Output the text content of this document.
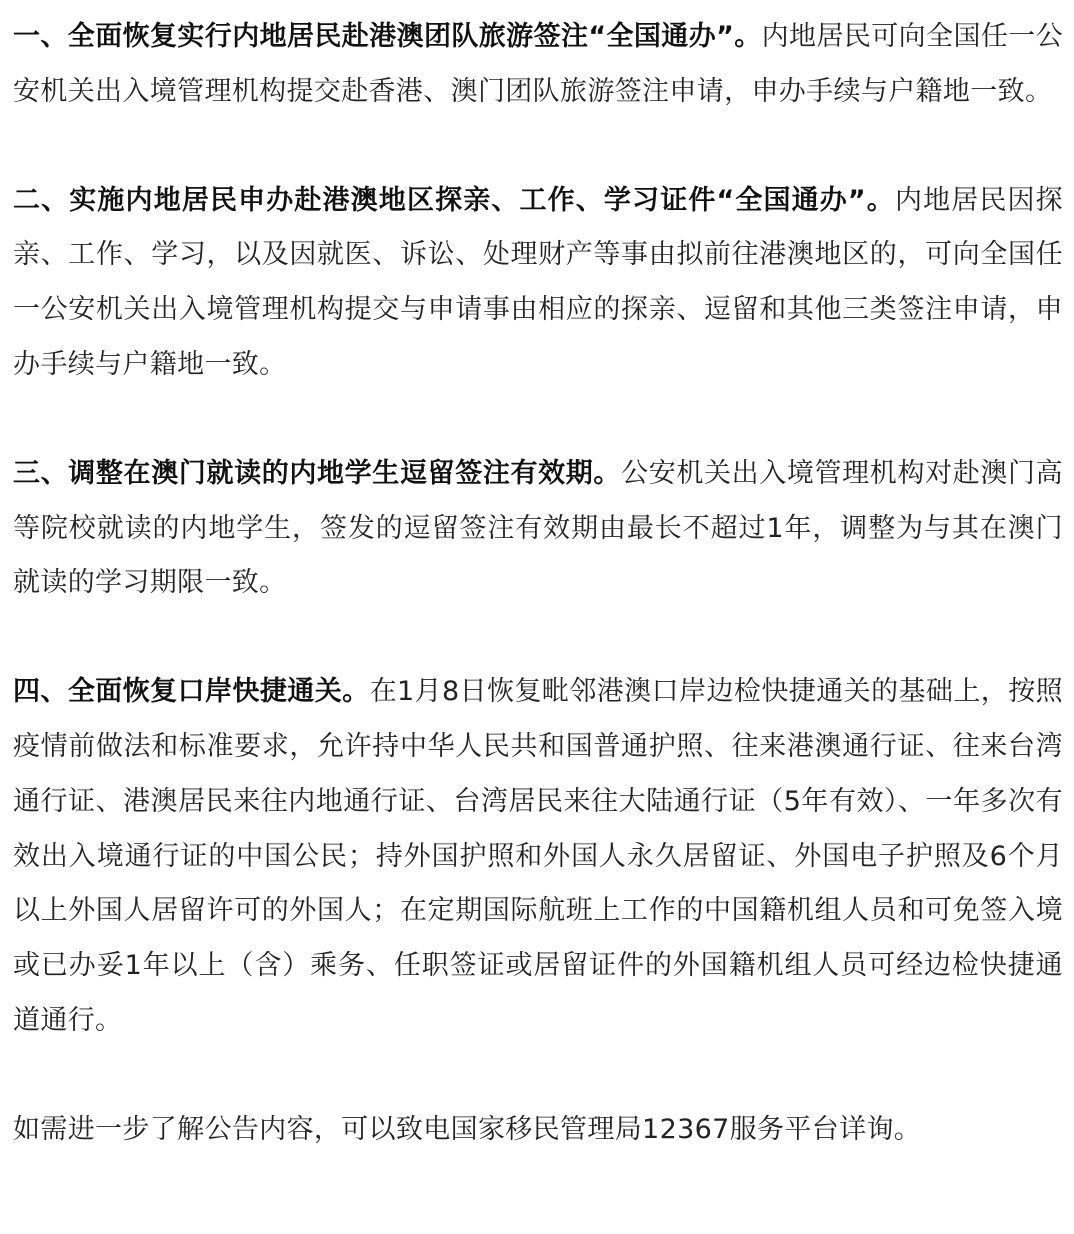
一、全面恢复实行内地居民赴港澳团队旅游签注“全国通办”。内地居民可向全国任一公安机关出入境管理机构提交赴香港、澳门团队旅游签注申请，申办手续与户籍地一致。

二、实施内地居民申办赴港澳地区探亲、工作、学习证件“全国通办”。内地居民因探亲、工作、学习，以及因就医、诉讼、处理财产等事由拟前往港澳地区的，可向全国任一公安机关出入境管理机构提交与申请事由相应的探亲、逗留和其他三类签注申请，申办手续与户籍地一致。

三、调整在澳门就读的内地学生逗留签注有效期。公安机关出入境管理机构对赴澳门高等院校就读的内地学生，签发的逗留签注有效期由最长不超过1年，调整为与其在澳门就读的学习期限一致。

四、全面恢复口岸快捷通关。在1月8日恢复毗邻港澳口岸边检快捷通关的基础上，按照疫情前做法和标准要求，允许持中华人民共和国普通护照、往来港澳通行证、往来台湾通行证、港澳居民来往内地通行证、台湾居民来往大陆通行证（5年有效）、一年多次有效出入境通行证的中国公民；持外国护照和外国人永久居留证、外国电子护照及6个月以上外国人居留许可的外国人；在定期国际航班上工作的中国籍机组人员和可免签入境或已办妥1年以上（含）乘务、任职签证或居留证件的外国籍机组人员可经边检快捷通道通行。

如需进一步了解公告内容，可以致电国家移民管理局12367服务平台详询。
